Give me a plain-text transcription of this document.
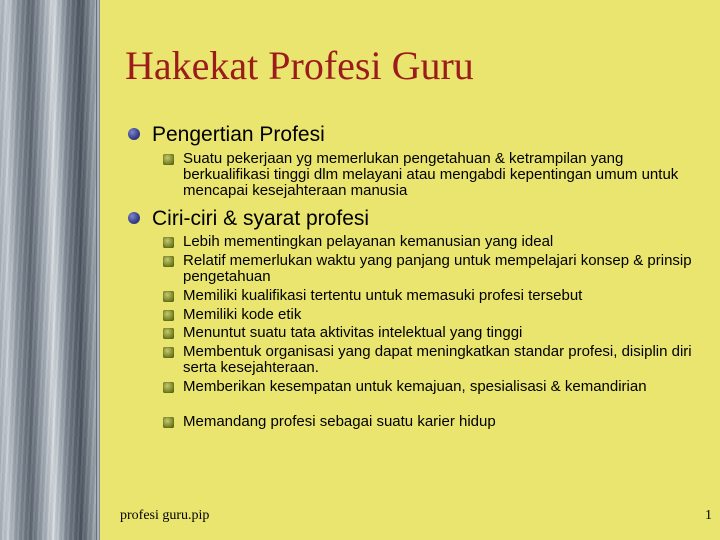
Hakekat Profesi Guru
Pengertian Profesi
Suatu pekerjaan yg memerlukan pengetahuan & ketrampilan yang berkualifikasi tinggi dlm melayani atau mengabdi kepentingan umum untuk mencapai kesejahteraan manusia
Ciri-ciri & syarat profesi
Lebih mementingkan pelayanan kemanusian yang ideal
Relatif memerlukan waktu yang panjang untuk mempelajari konsep & prinsip pengetahuan
Memiliki kualifikasi tertentu untuk memasuki profesi tersebut
Memiliki kode etik
Menuntut suatu tata aktivitas intelektual yang tinggi
Membentuk organisasi yang dapat meningkatkan standar profesi, disiplin diri serta kesejahteraan.
Memberikan kesempatan untuk kemajuan, spesialisasi & kemandirian
Memandang profesi sebagai suatu karier hidup
profesi guru.pip	1
